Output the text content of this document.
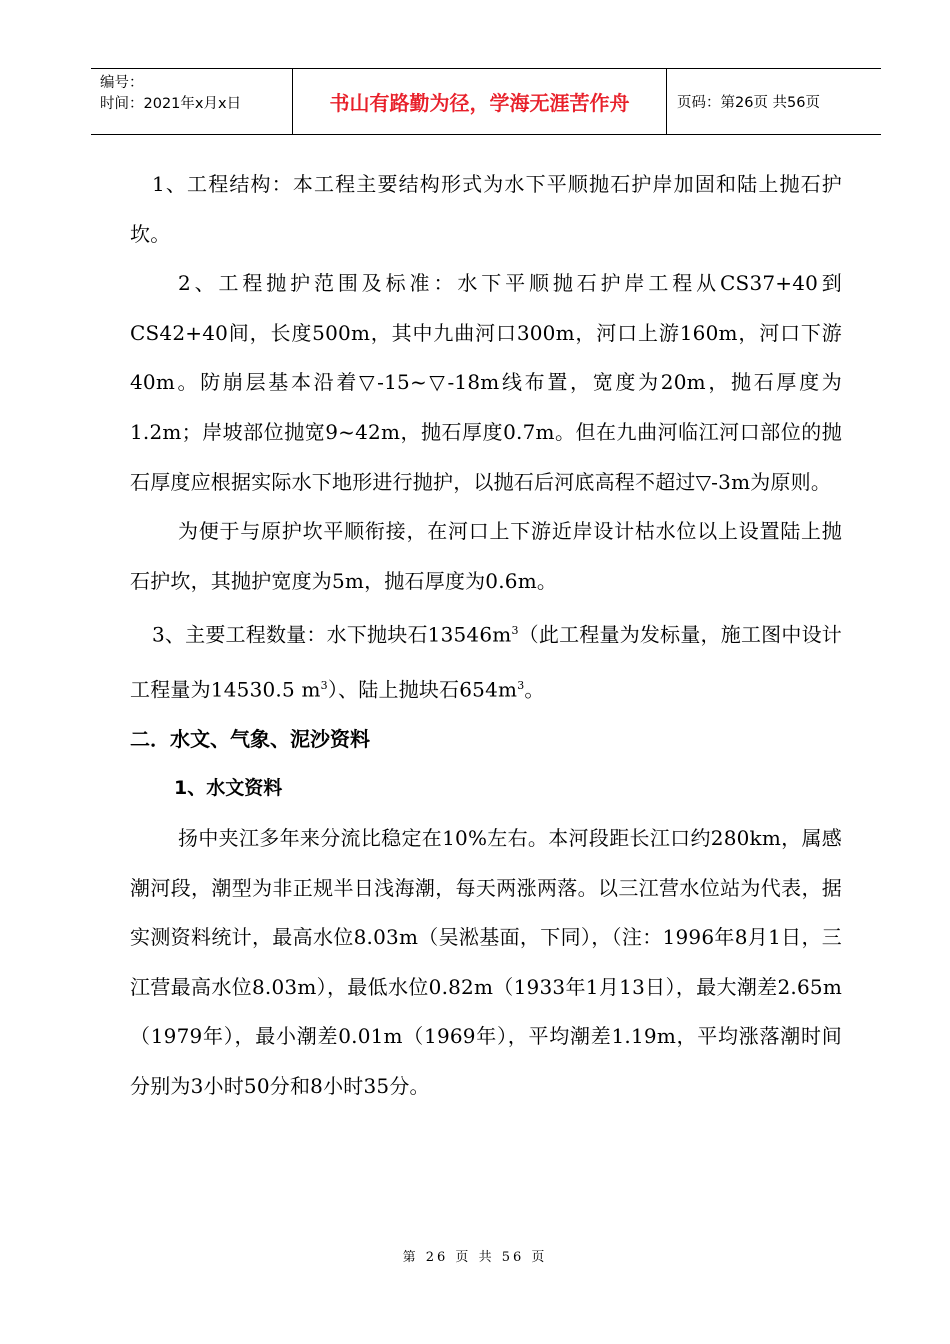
编号：
时间：2021年x月x日	书山有路勤为径，学海无涯苦作舟	页码：第26页 共56页

1、工程结构：本工程主要结构形式为水下平顺抛石护岸加固和陆上抛石护坎。

2、工程抛护范围及标准：水下平顺抛石护岸工程从CS37+40到CS42+40间，长度500m，其中九曲河口300m，河口上游160m，河口下游40m。防崩层基本沿着▽-15~▽-18m线布置，宽度为20m，抛石厚度为1.2m；岸坡部位抛宽9~42m，抛石厚度0.7m。但在九曲河临江河口部位的抛石厚度应根据实际水下地形进行抛护，以抛石后河底高程不超过▽-3m为原则。

为便于与原护坎平顺衔接，在河口上下游近岸设计枯水位以上设置陆上抛石护坎，其抛护宽度为5m，抛石厚度为0.6m。

3、主要工程数量：水下抛块石$13546m^3$（此工程量为发标量，施工图中设计工程量为14530.5 $m^3$）、陆上抛块石$654m^3$。

二．水文、气象、泥沙资料

1、水文资料

扬中夹江多年来分流比稳定在10%左右。本河段距长江口约280km，属感潮河段，潮型为非正规半日浅海潮，每天两涨两落。以三江营水位站为代表，据实测资料统计，最高水位8.03m（吴淞基面，下同），（注：1996年8月1日，三江营最高水位8.03m），最低水位0.82m（1933年1月13日），最大潮差2.65m（1979年），最小潮差0.01m（1969年），平均潮差1.19m，平均涨落潮时间分别为3小时50分和8小时35分。

第 26 页 共 56 页
